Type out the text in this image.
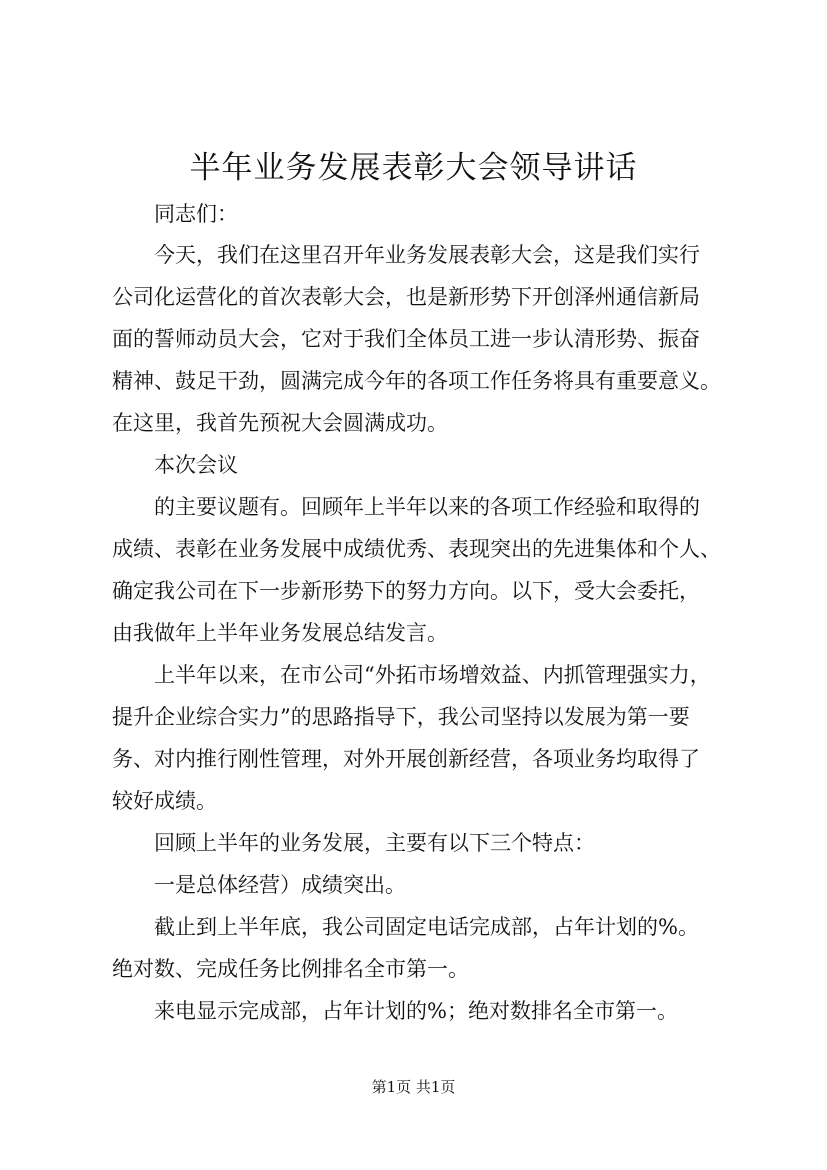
半年业务发展表彰大会领导讲话
同志们：
今天，我们在这里召开年业务发展表彰大会，这是我们实行
公司化运营化的首次表彰大会，也是新形势下开创泽州通信新局
面的誓师动员大会，它对于我们全体员工进一步认清形势、振奋
精神、鼓足干劲，圆满完成今年的各项工作任务将具有重要意义。
在这里，我首先预祝大会圆满成功。
本次会议
的主要议题有。回顾年上半年以来的各项工作经验和取得的
成绩、表彰在业务发展中成绩优秀、表现突出的先进集体和个人、
确定我公司在下一步新形势下的努力方向。以下，受大会委托，
由我做年上半年业务发展总结发言。
上半年以来，在市公司“外拓市场增效益、内抓管理强实力，
提升企业综合实力”的思路指导下，我公司坚持以发展为第一要
务、对内推行刚性管理，对外开展创新经营，各项业务均取得了
较好成绩。
回顾上半年的业务发展，主要有以下三个特点：
一是总体经营）成绩突出。
截止到上半年底，我公司固定电话完成部，占年计划的%。
绝对数、完成任务比例排名全市第一。
来电显示完成部，占年计划的%；绝对数排名全市第一。
第1页 共1页
